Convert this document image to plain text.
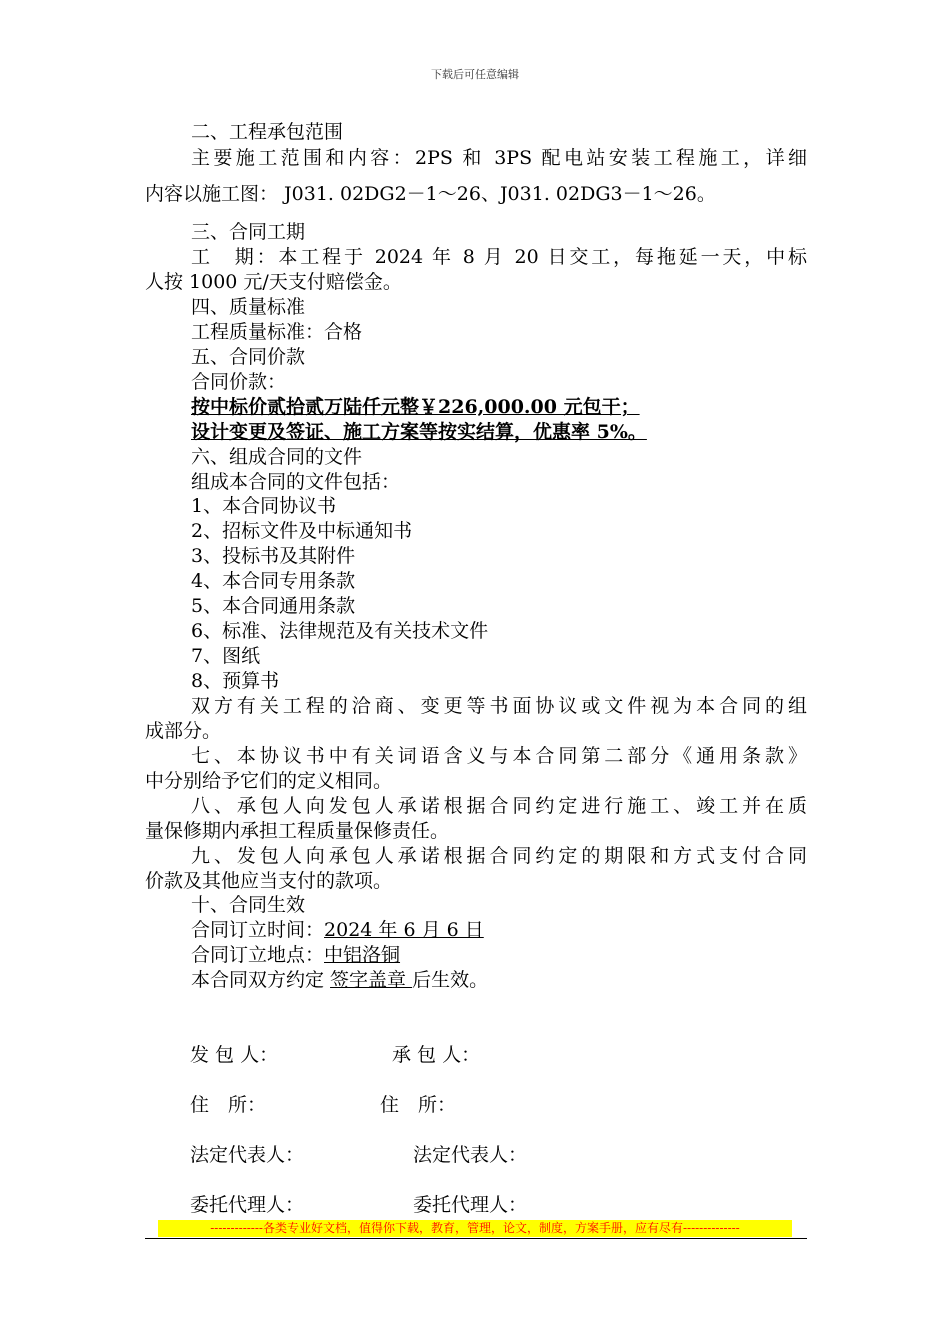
下载后可任意编辑
二、工程承包范围
主要施工范围和内容：2PS 和 3PS 配电站安装工程施工，详细
内容以施工图： J031. 02DG2－1～26、J031. 02DG3－1～26。
三、合同工期
工　期：本工程于 2024 年 8 月 20 日交工，每拖延一天，中标
人按 1000 元/天支付赔偿金。
四、质量标准
工程质量标准：合格
五、合同价款
合同价款：
按中标价贰拾贰万陆仟元整￥226,000.00 元包干；
设计变更及签证、施工方案等按实结算，优惠率 5%。
六、组成合同的文件
组成本合同的文件包括：
1、本合同协议书
2、招标文件及中标通知书
3、投标书及其附件
4、本合同专用条款
5、本合同通用条款
6、标准、法律规范及有关技术文件
7、图纸
8、预算书
双方有关工程的洽商、变更等书面协议或文件视为本合同的组
成部分。
七、本协议书中有关词语含义与本合同第二部分《通用条款》
中分别给予它们的定义相同。
八、承包人向发包人承诺根据合同约定进行施工、竣工并在质
量保修期内承担工程质量保修责任。
九、发包人向承包人承诺根据合同约定的期限和方式支付合同
价款及其他应当支付的款项。
十、合同生效
合同订立时间：2024 年 6 月 6 日
合同订立地点：中铝洛铜
本合同双方约定 签字盖章 后生效。
发 包 人：	承 包 人：
住　所：	住　所：
法定代表人：	法定代表人：
委托代理人：	委托代理人：
-------------各类专业好文档，值得你下载，教育，管理，论文，制度，方案手册，应有尽有--------------
